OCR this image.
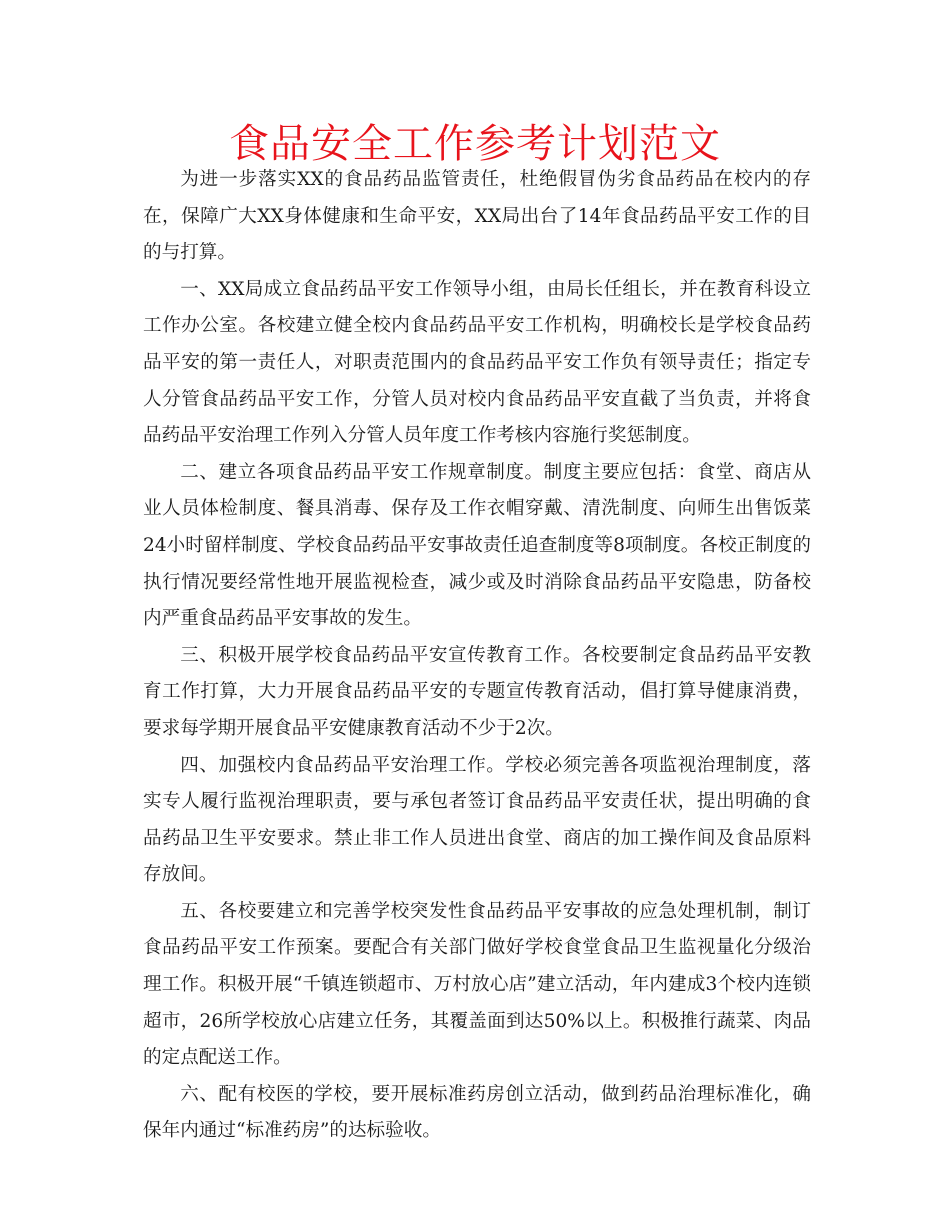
食品安全工作参考计划范文

为进一步落实XX的食品药品监管责任，杜绝假冒伪劣食品药品在校内的存在，保障广大XX身体健康和生命平安，XX局出台了14年食品药品平安工作的目的与打算。

一、XX局成立食品药品平安工作领导小组，由局长任组长，并在教育科设立工作办公室。各校建立健全校内食品药品平安工作机构，明确校长是学校食品药品平安的第一责任人，对职责范围内的食品药品平安工作负有领导责任；指定专人分管食品药品平安工作，分管人员对校内食品药品平安直截了当负责，并将食品药品平安治理工作列入分管人员年度工作考核内容施行奖惩制度。

二、建立各项食品药品平安工作规章制度。制度主要应包括：食堂、商店从业人员体检制度、餐具消毒、保存及工作衣帽穿戴、清洗制度、向师生出售饭菜24小时留样制度、学校食品药品平安事故责任追查制度等8项制度。各校正制度的执行情况要经常性地开展监视检查，减少或及时消除食品药品平安隐患，防备校内严重食品药品平安事故的发生。

三、积极开展学校食品药品平安宣传教育工作。各校要制定食品药品平安教育工作打算，大力开展食品药品平安的专题宣传教育活动，倡打算导健康消费，要求每学期开展食品平安健康教育活动不少于2次。

四、加强校内食品药品平安治理工作。学校必须完善各项监视治理制度，落实专人履行监视治理职责，要与承包者签订食品药品平安责任状，提出明确的食品药品卫生平安要求。禁止非工作人员进出食堂、商店的加工操作间及食品原料存放间。

五、各校要建立和完善学校突发性食品药品平安事故的应急处理机制，制订食品药品平安工作预案。要配合有关部门做好学校食堂食品卫生监视量化分级治理工作。积极开展“千镇连锁超市、万村放心店”建立活动，年内建成3个校内连锁超市，26所学校放心店建立任务，其覆盖面到达50%以上。积极推行蔬菜、肉品的定点配送工作。

六、配有校医的学校，要开展标准药房创立活动，做到药品治理标准化，确保年内通过“标准药房”的达标验收。
